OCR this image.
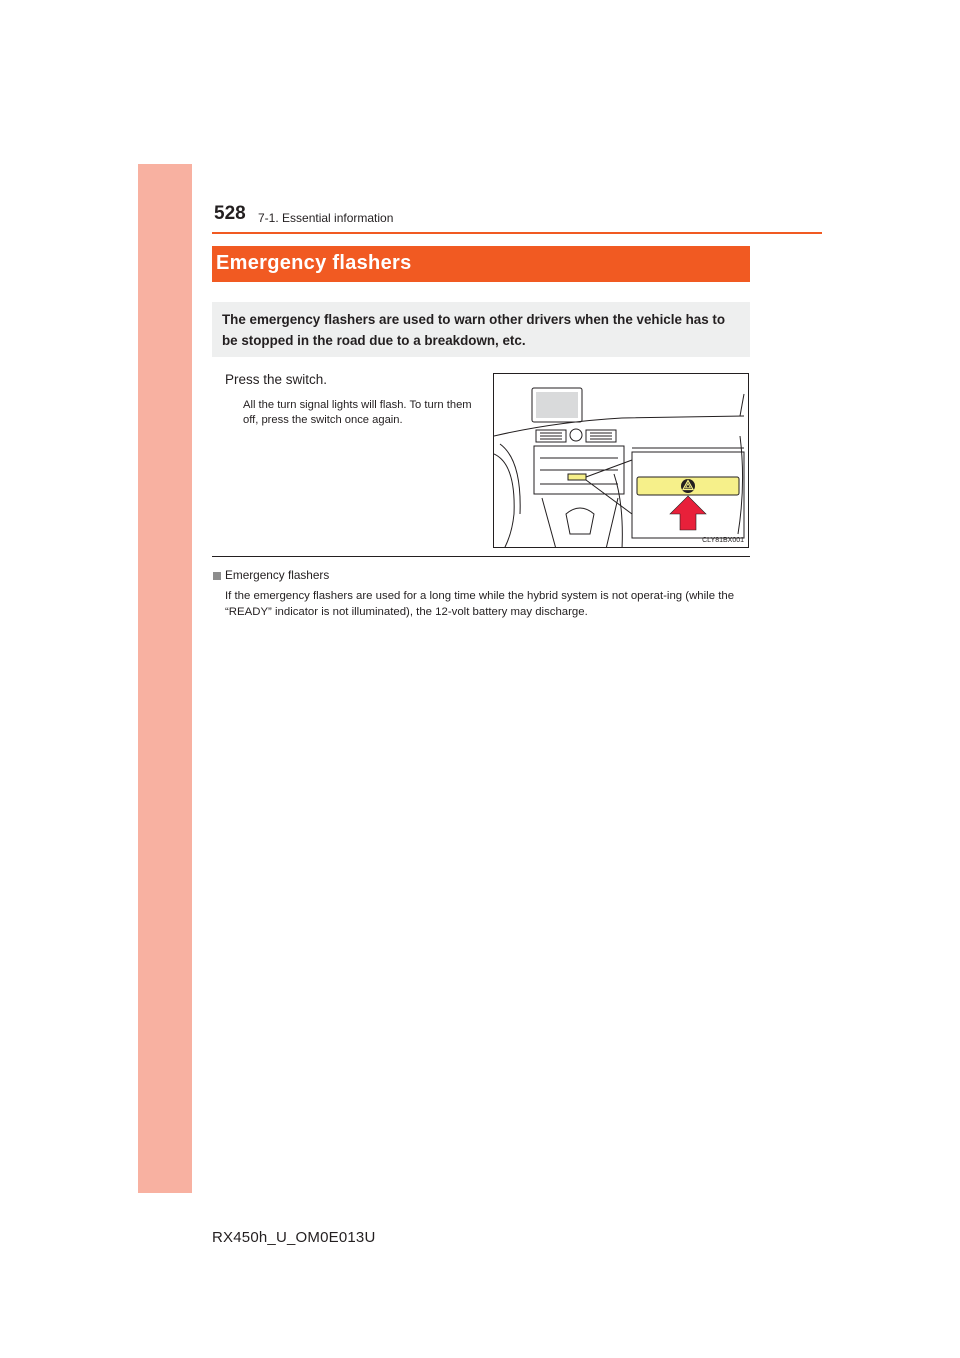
528 7-1. Essential information
Emergency flashers
The emergency flashers are used to warn other drivers when the vehicle has to be stopped in the road due to a breakdown, etc.
Press the switch.
All the turn signal lights will flash. To turn them off, press the switch once again.
CLY81BX001
Emergency flashers
If the emergency flashers are used for a long time while the hybrid system is not operat-ing (while the “READY” indicator is not illuminated), the 12-volt battery may discharge.
RX450h_U_OM0E013U
